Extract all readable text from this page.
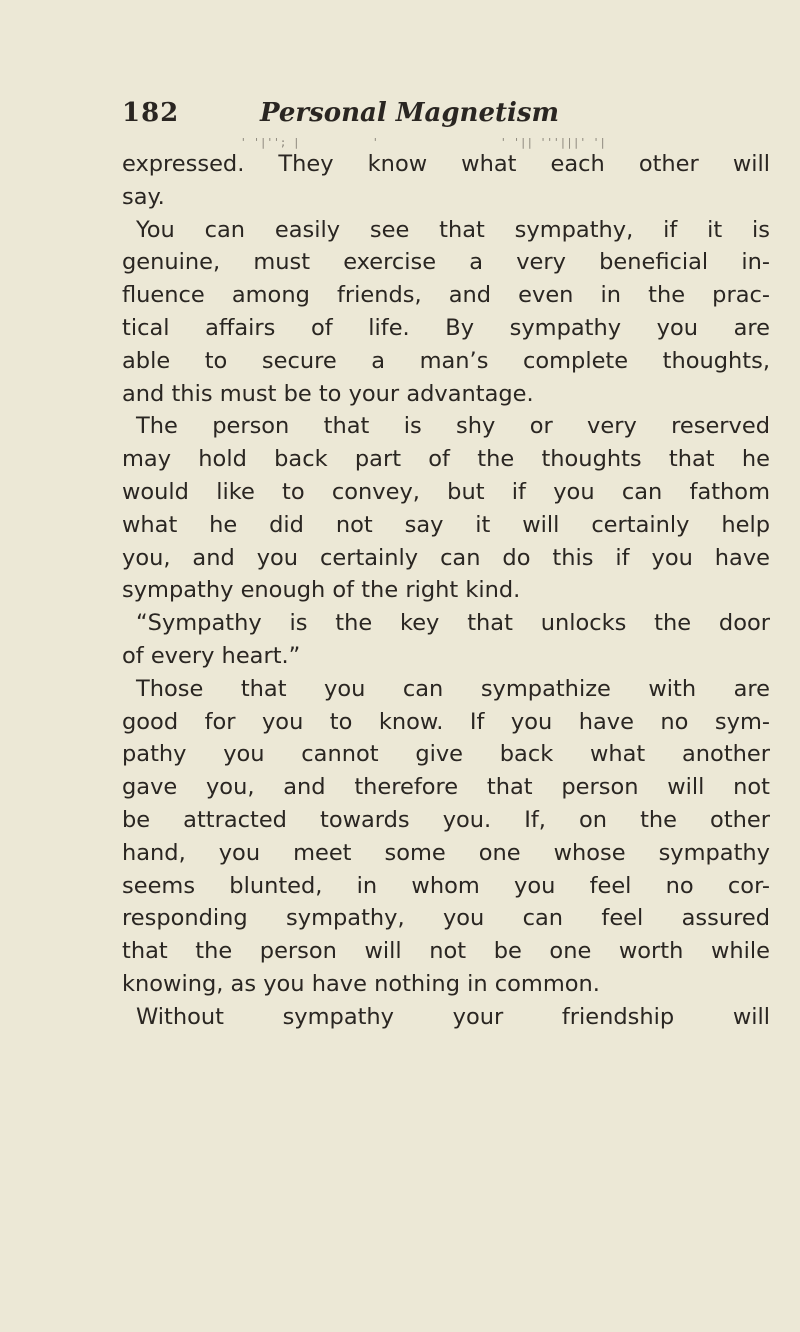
182	Personal Magnetism
' '|''; |	'	' '|| '''|||' '|
expressed. They know what each other will
say.
You can easily see that sympathy, if it is
genuine, must exercise a very beneficial in-
fluence among friends, and even in the prac-
tical affairs of life. By sympathy you are
able to secure a man’s complete thoughts,
and this must be to your advantage.
The person that is shy or very reserved
may hold back part of the thoughts that he
would like to convey, but if you can fathom
what he did not say it will certainly help
you, and you certainly can do this if you have
sympathy enough of the right kind.
“Sympathy is the key that unlocks the door
of every heart.”
Those that you can sympathize with are
good for you to know. If you have no sym-
pathy you cannot give back what another
gave you, and therefore that person will not
be attracted towards you. If, on the other
hand, you meet some one whose sympathy
seems blunted, in whom you feel no cor-
responding sympathy, you can feel assured
that the person will not be one worth while
knowing, as you have nothing in common.
Without sympathy your friendship will
